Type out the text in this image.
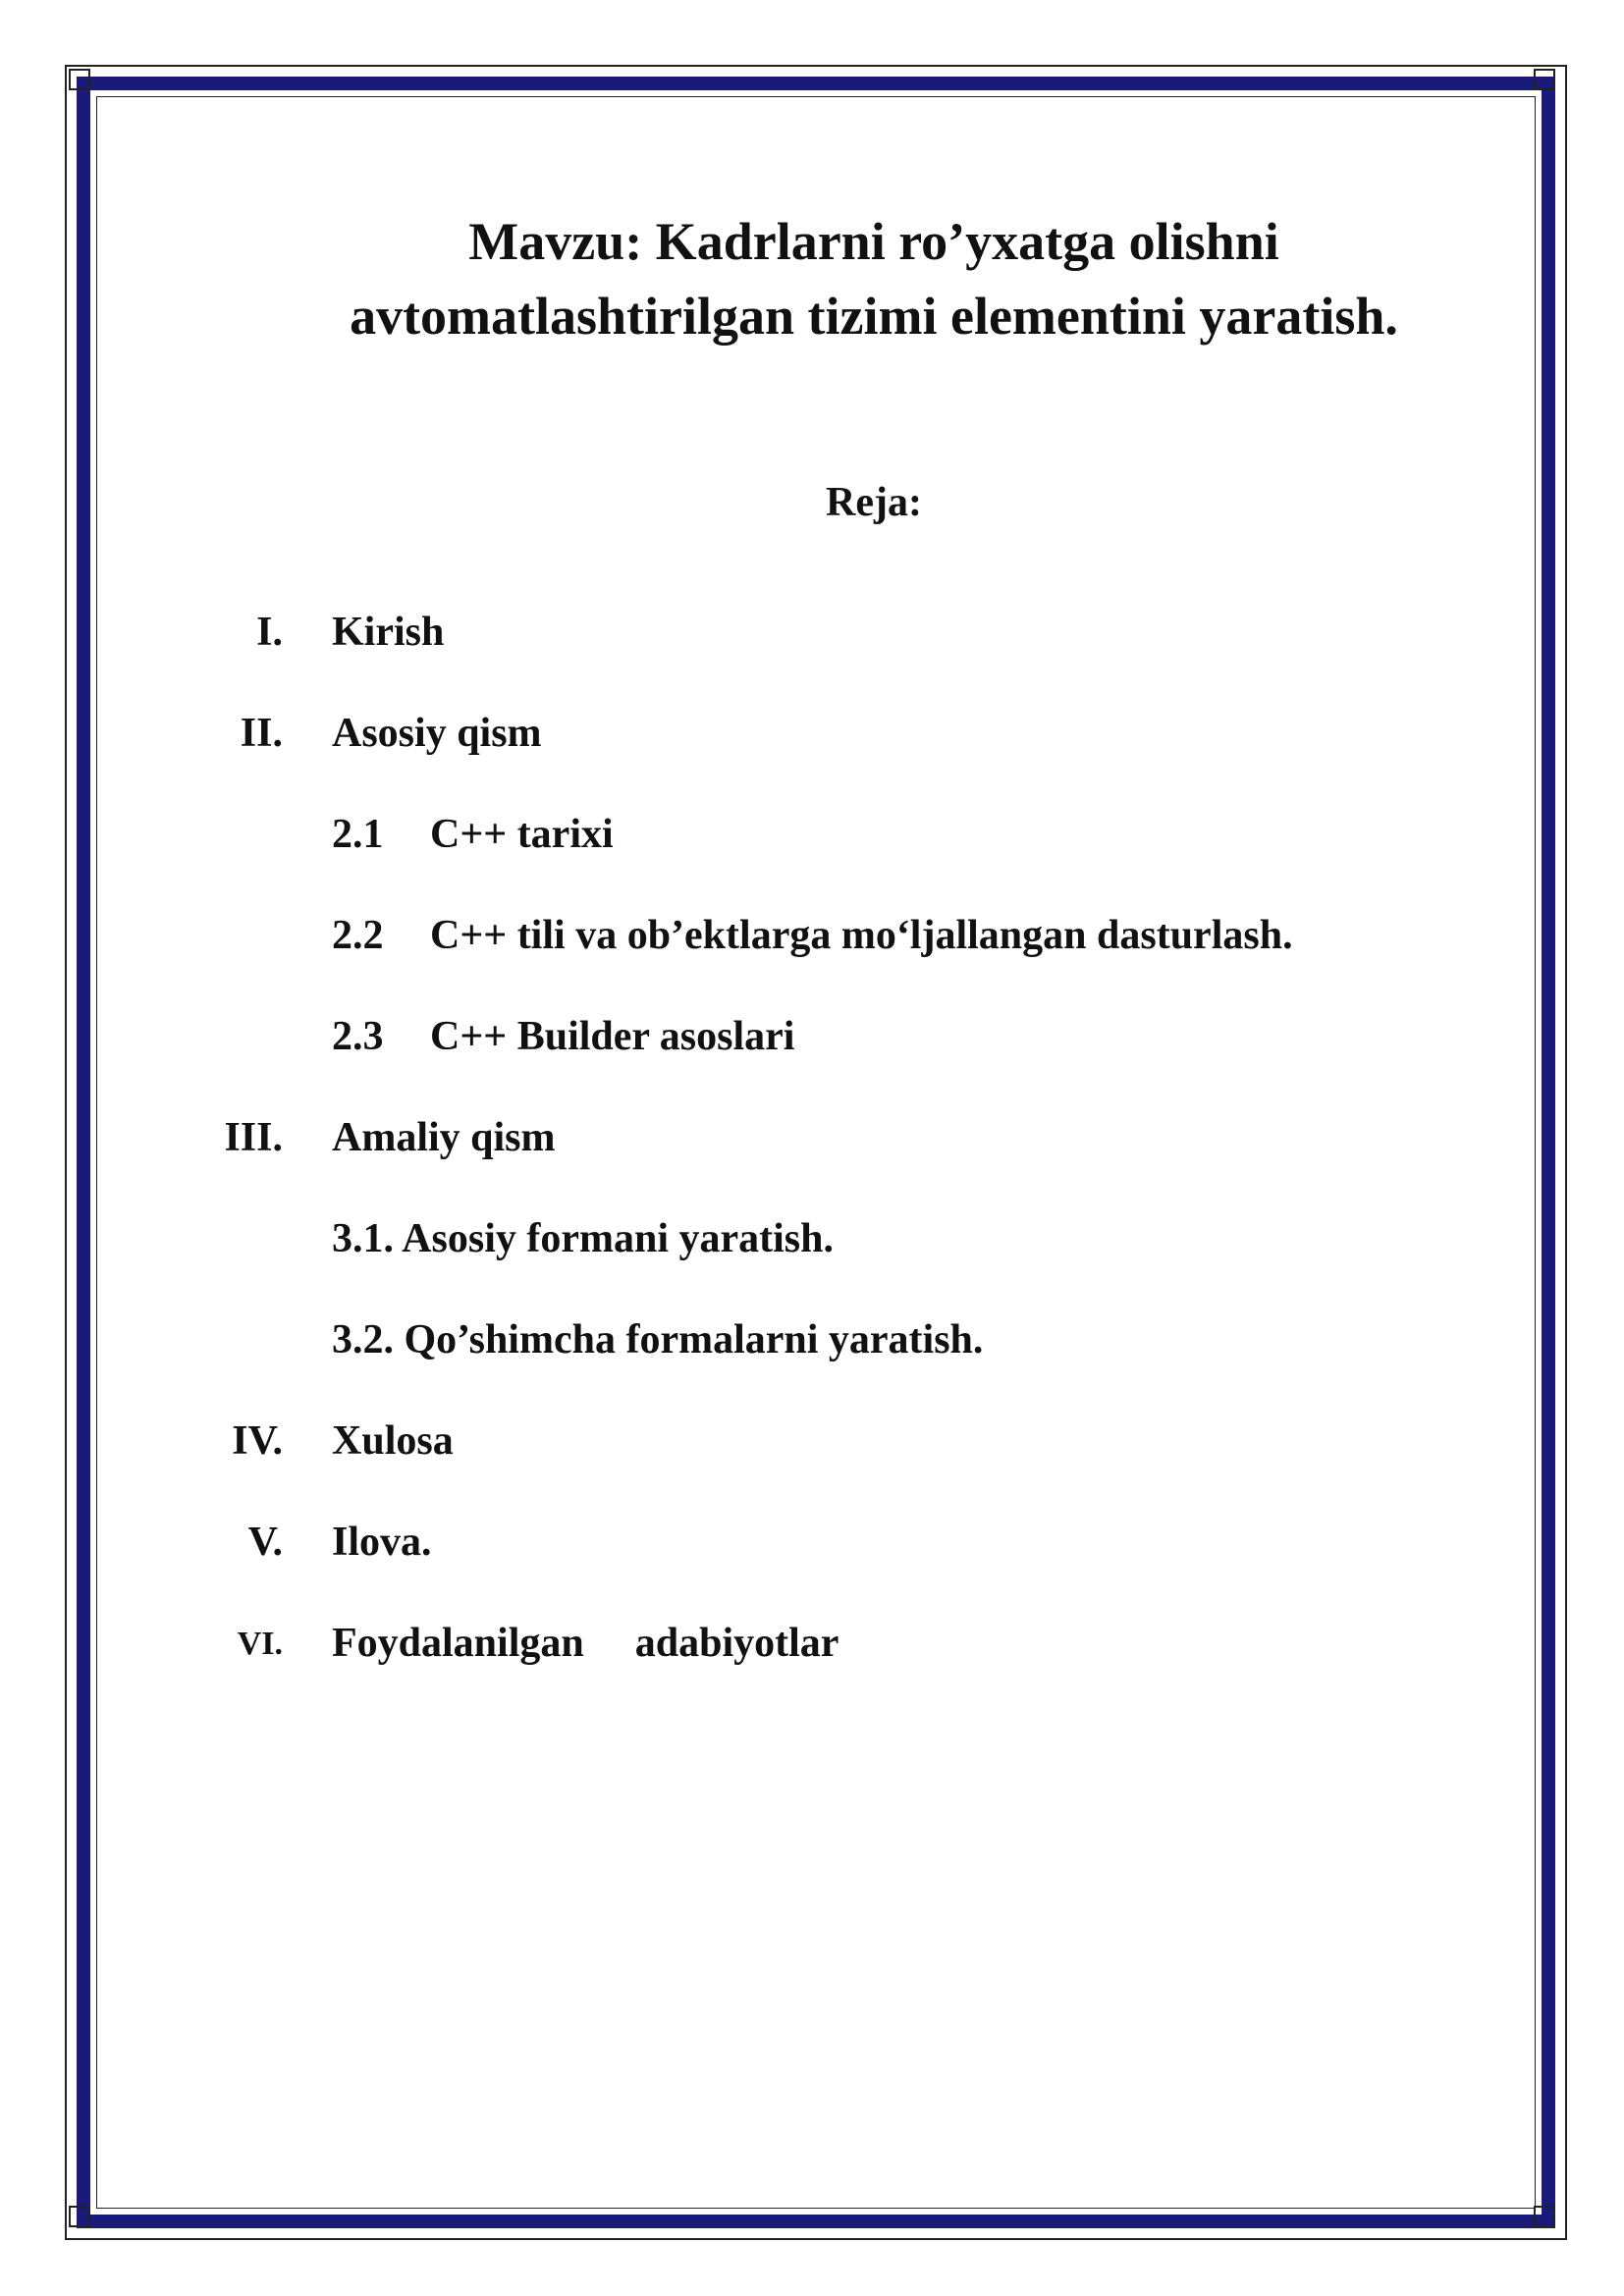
Mavzu: Kadrlarni ro’yxatga olishni
avtomatlashtirilgan tizimi elementini yaratish.
Reja:
I. Kirish
II. Asosiy qism
2.1 C++ tarixi
2.2 C++ tili va ob’ektlarga mo‘ljallangan dasturlash.
2.3 C++ Builder asoslari
III. Amaliy qism
3.1. Asosiy formani yaratish.
3.2. Qo’shimcha formalarni yaratish.
IV. Xulosa
V. Ilova.
VI. Foydalanilgan adabiyotlar
